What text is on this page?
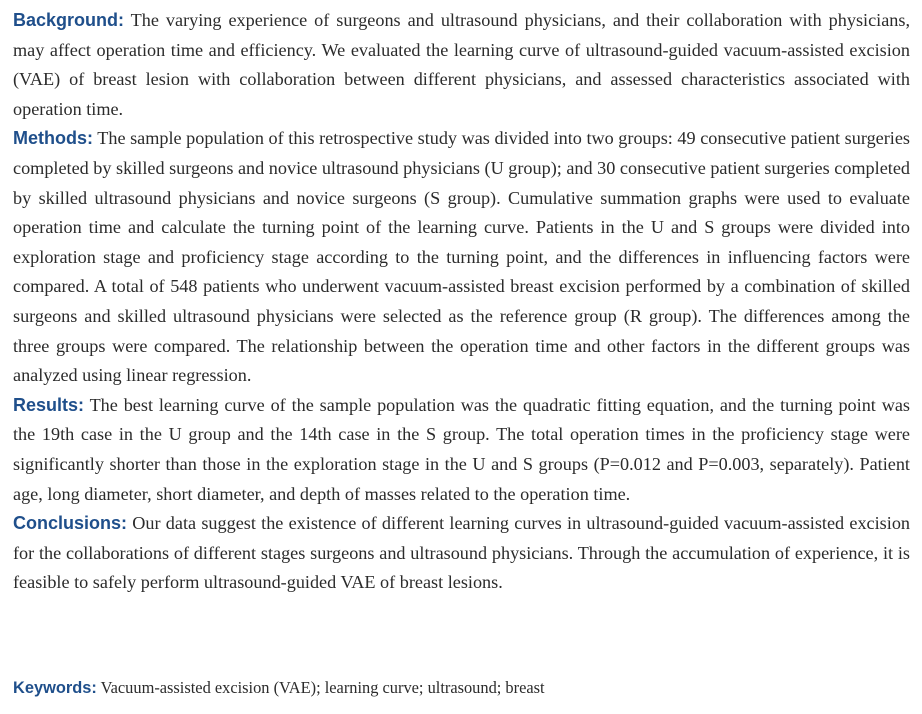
Background: The varying experience of surgeons and ultrasound physicians, and their collaboration with physicians, may affect operation time and efficiency. We evaluated the learning curve of ultrasound-guided vacuum-assisted excision (VAE) of breast lesion with collaboration between different physicians, and assessed characteristics associated with operation time.

Methods: The sample population of this retrospective study was divided into two groups: 49 consecutive patient surgeries completed by skilled surgeons and novice ultrasound physicians (U group); and 30 consecutive patient surgeries completed by skilled ultrasound physicians and novice surgeons (S group). Cumulative summation graphs were used to evaluate operation time and calculate the turning point of the learning curve. Patients in the U and S groups were divided into exploration stage and proficiency stage according to the turning point, and the differences in influencing factors were compared. A total of 548 patients who underwent vacuum-assisted breast excision performed by a combination of skilled surgeons and skilled ultrasound physicians were selected as the reference group (R group). The differences among the three groups were compared. The relationship between the operation time and other factors in the different groups was analyzed using linear regression.

Results: The best learning curve of the sample population was the quadratic fitting equation, and the turning point was the 19th case in the U group and the 14th case in the S group. The total operation times in the proficiency stage were significantly shorter than those in the exploration stage in the U and S groups (P=0.012 and P=0.003, separately). Patient age, long diameter, short diameter, and depth of masses related to the operation time.

Conclusions: Our data suggest the existence of different learning curves in ultrasound-guided vacuum-assisted excision for the collaborations of different stages surgeons and ultrasound physicians. Through the accumulation of experience, it is feasible to safely perform ultrasound-guided VAE of breast lesions.

Keywords: Vacuum-assisted excision (VAE); learning curve; ultrasound; breast
